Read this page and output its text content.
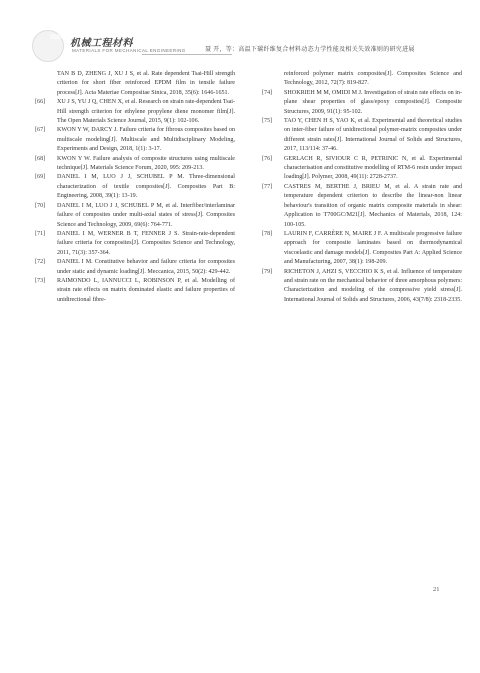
2024 机械工程材料
MATERIALS FOR MECHANICAL ENGINEERING	聂 开，等：高温下碳纤维复合材料动态力学性能及相关失效准则的研究进展
TAN B D, ZHENG J, XU J S, et al. Rate dependent Tsai-Hill strength criterion for short fiber reinforced EPDM film in tensile failure process[J]. Acta Materiae Compositae Sinica, 2018, 35(6): 1646-1651.
[66]	XU J S, YU J Q, CHEN X, et al. Research on strain rate-dependent Tsai-Hill strength criterion for ethylene propylene diene monomer film[J]. The Open Materials Science Journal, 2015, 9(1): 102-106.
[67]	KWON Y W, DARCY J. Failure criteria for fibrous composites based on multiscale modeling[J]. Multiscale and Multidisciplinary Modeling, Experiments and Design, 2018, 1(1): 3-17.
[68]	KWON Y W. Failure analysis of composite structures using multiscale technique[J]. Materials Science Forum, 2020, 995: 209-213.
[69]	DANIEL I M, LUO J J, SCHUBEL P M. Three-dimensional characterization of textile composites[J]. Composites Part B: Engineering, 2008, 39(1): 13-19.
[70]	DANIEL I M, LUO J J, SCHUBEL P M, et al. Interfiber/interlaminar failure of composites under multi-axial states of stress[J]. Composites Science and Technology, 2009, 69(6): 764-771.
[71]	DANIEL I M, WERNER B T, FENNER J S. Strain-rate-dependent failure criteria for composites[J]. Composites Science and Technology, 2011, 71(3): 357-364.
[72]	DANIEL I M. Constitutive behavior and failure criteria for composites under static and dynamic loading[J]. Meccanica, 2015, 50(2): 429-442.
[73]	RAIMONDO L, IANNUCCI L, ROBINSON P, et al. Modelling of strain rate effects on matrix dominated elastic and failure properties of unidirectional fibre-
reinforced polymer matrix composites[J]. Composites Science and Technology, 2012, 72(7): 819-827.
[74]	SHOKRIEH M M, OMIDI M J. Investigation of strain rate effects on in-plane shear properties of glass/epoxy composites[J]. Composite Structures, 2009, 91(1): 95-102.
[75]	TAO Y, CHEN H S, YAO K, et al. Experimental and theoretical studies on inter-fiber failure of unidirectional polymer-matrix composites under different strain rates[J]. International Journal of Solids and Structures, 2017, 113/114: 37-46.
[76]	GERLACH R, SIVIOUR C R, PETRINIC N, et al. Experimental characterisation and constitutive modelling of RTM-6 resin under impact loading[J]. Polymer, 2008, 49(11): 2728-2737.
[77]	CASTRES M, BERTHE J, BRIEU M, et al. A strain rate and temperature dependent criterion to describe the linear-non linear behaviour's transition of organic matrix composite materials in shear: Application to T700GC/M21[J]. Mechanics of Materials, 2018, 124: 100-105.
[78]	LAURIN F, CARRÈRE N, MAIRE J F. A multiscale progressive failure approach for composite laminates based on thermodynamical viscoelastic and damage models[J]. Composites Part A: Applied Science and Manufacturing, 2007, 38(1): 198-209.
[79]	RICHETON J, AHZI S, VECCHIO K S, et al. Influence of temperature and strain rate on the mechanical behavior of three amorphous polymers: Characterization and modeling of the compressive yield stress[J]. International Journal of Solids and Structures, 2006, 43(7/8): 2318-2335.
21
